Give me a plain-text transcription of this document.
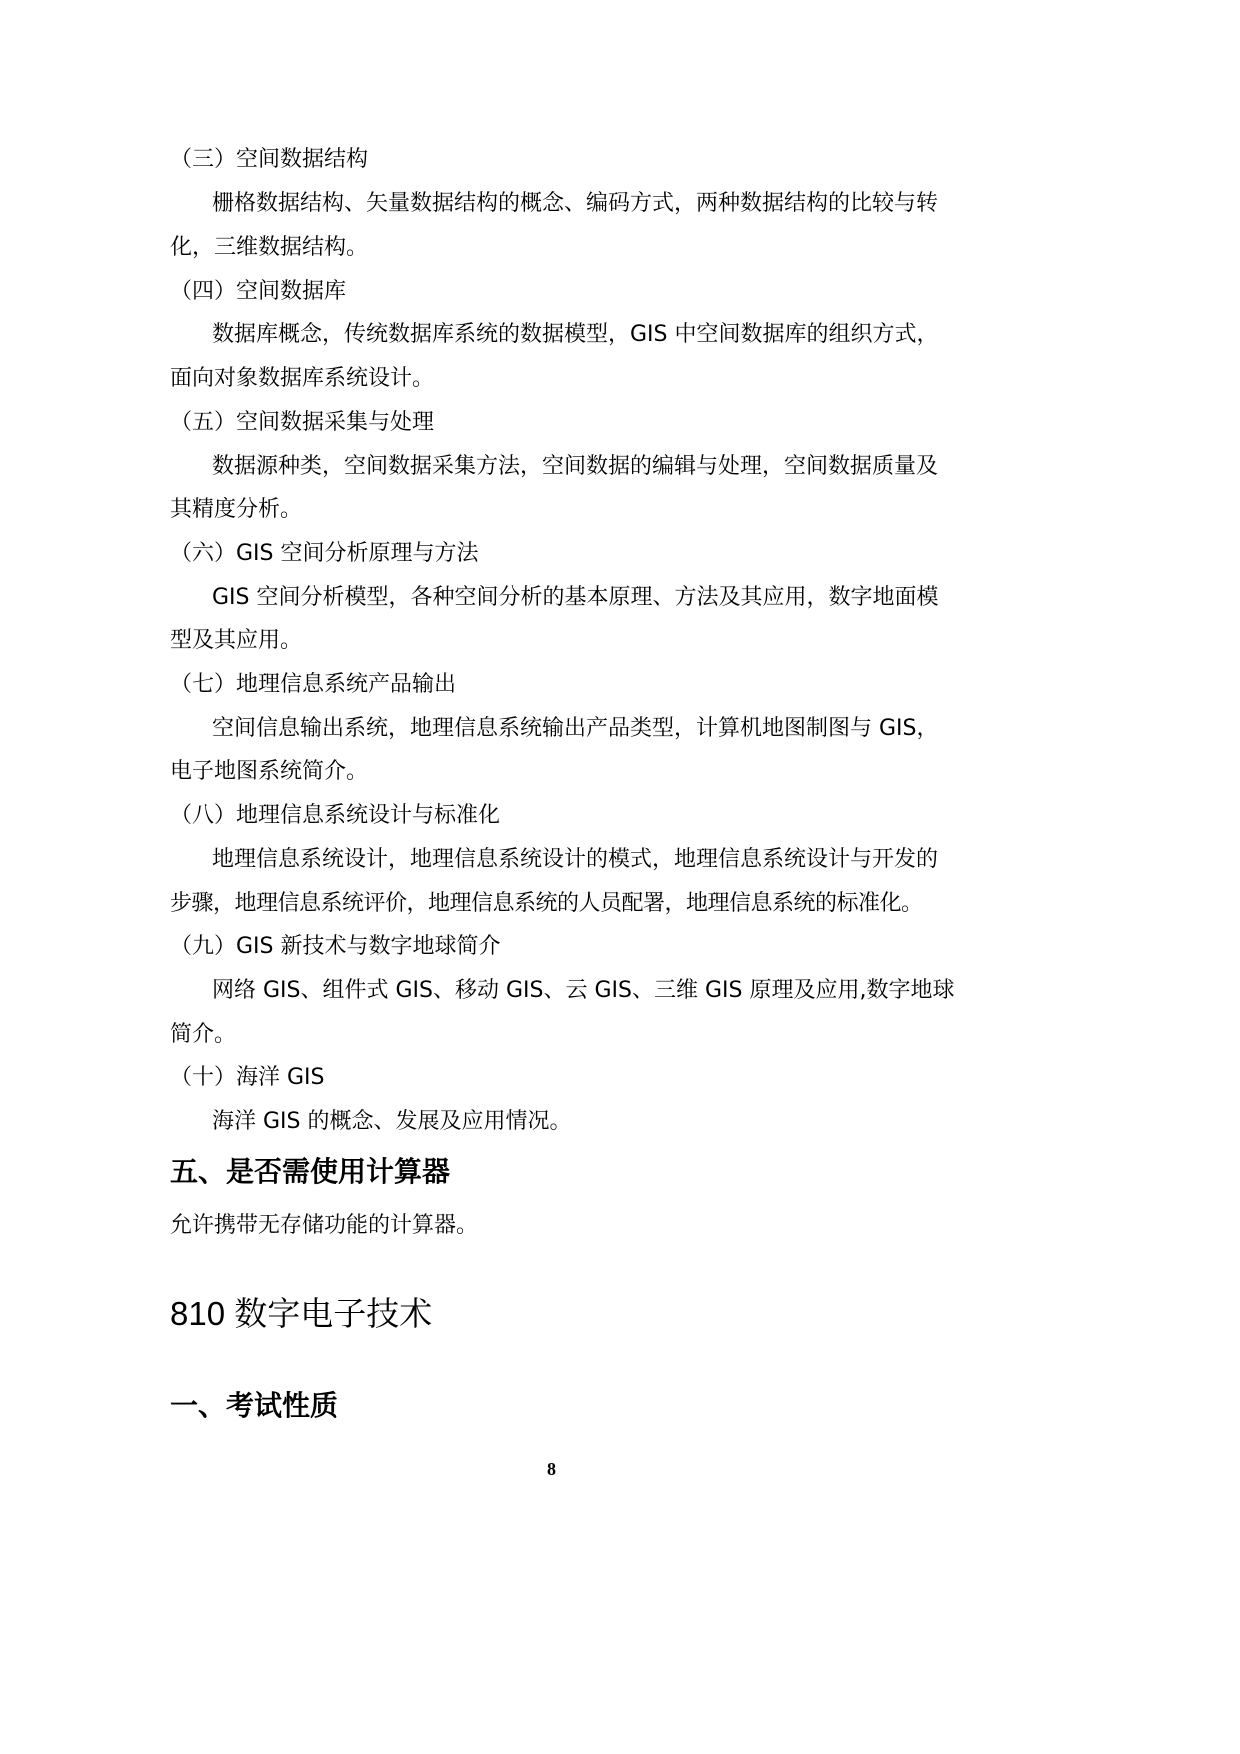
（三）空间数据结构
栅格数据结构、矢量数据结构的概念、编码方式，两种数据结构的比较与转
化，三维数据结构。
（四）空间数据库
数据库概念，传统数据库系统的数据模型，GIS 中空间数据库的组织方式，
面向对象数据库系统设计。
（五）空间数据采集与处理
数据源种类，空间数据采集方法，空间数据的编辑与处理，空间数据质量及
其精度分析。
（六）GIS 空间分析原理与方法
GIS 空间分析模型，各种空间分析的基本原理、方法及其应用，数字地面模
型及其应用。
（七）地理信息系统产品输出
空间信息输出系统，地理信息系统输出产品类型，计算机地图制图与 GIS，
电子地图系统简介。
（八）地理信息系统设计与标准化
地理信息系统设计，地理信息系统设计的模式，地理信息系统设计与开发的
步骤，地理信息系统评价，地理信息系统的人员配署，地理信息系统的标准化。
（九）GIS 新技术与数字地球简介
网络 GIS、组件式 GIS、移动 GIS、云 GIS、三维 GIS 原理及应用,数字地球
简介。
（十）海洋 GIS
海洋 GIS 的概念、发展及应用情况。
五、是否需使用计算器
允许携带无存储功能的计算器。
810 数字电子技术
一、考试性质
8
